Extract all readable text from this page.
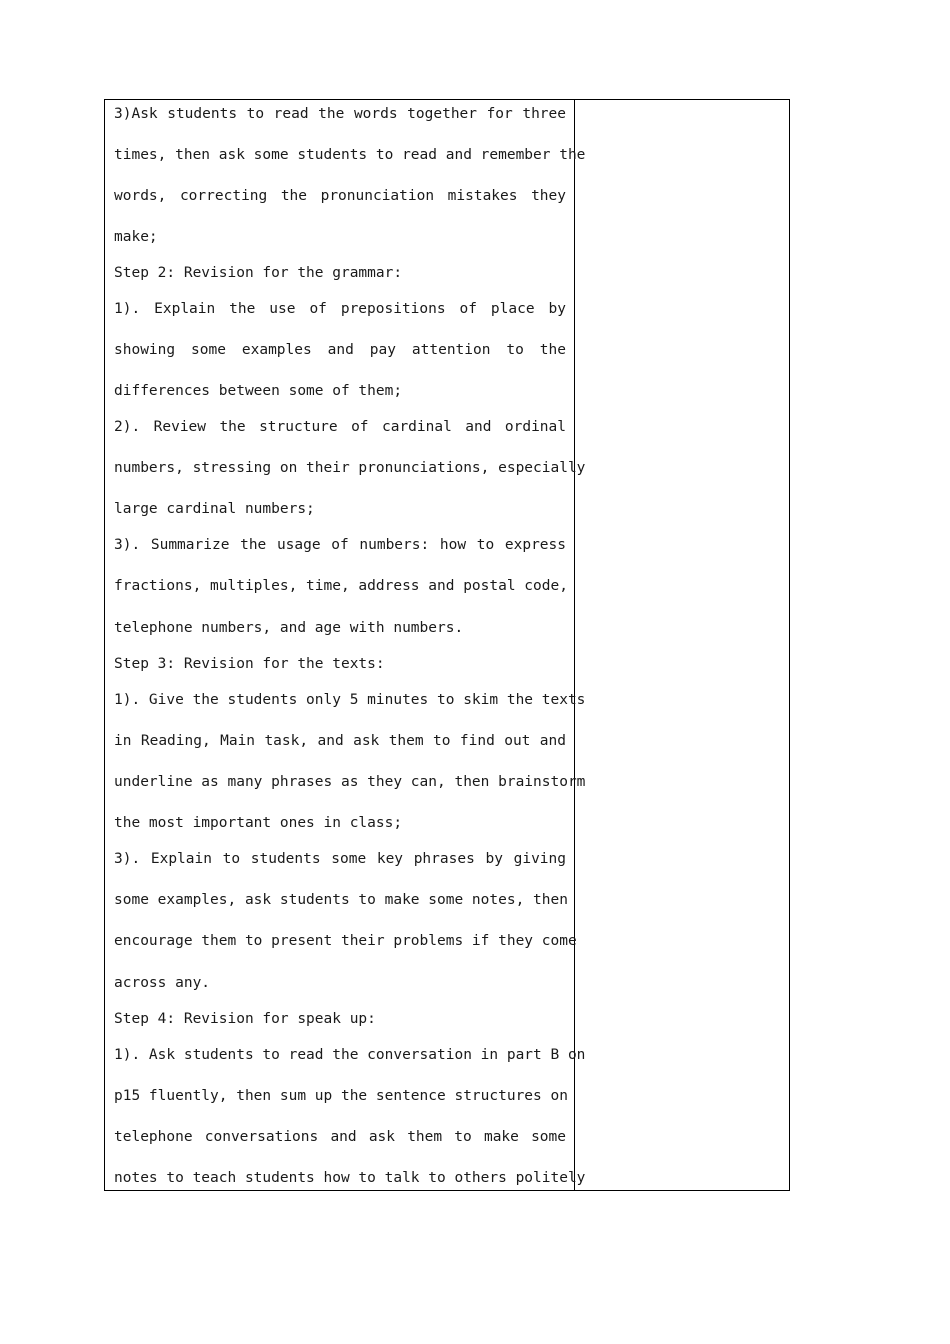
3)Ask students to read the words together for three
times, then ask some students to read and remember the
words, correcting the pronunciation mistakes they
make;
Step 2: Revision for the grammar:
1). Explain the use of prepositions of place by
showing some examples and pay attention to the
differences between some of them;
2). Review the structure of cardinal and ordinal
numbers, stressing on their pronunciations, especially
large cardinal numbers;
3). Summarize the usage of numbers: how to express
fractions, multiples, time, address and postal code,
telephone numbers, and age with numbers.
Step 3: Revision for the texts:
1). Give the students only 5 minutes to skim the texts
in Reading, Main task, and ask them to find out and
underline as many phrases as they can, then brainstorm
the most important ones in class;
3). Explain to students some key phrases by giving
some examples, ask students to make some notes, then
encourage them to present their problems if they come
across any.
Step 4: Revision for speak up:
1). Ask students to read the conversation in part B on
p15 fluently, then sum up the sentence structures on
telephone conversations and ask them to make some
notes to teach students how to talk to others politely
